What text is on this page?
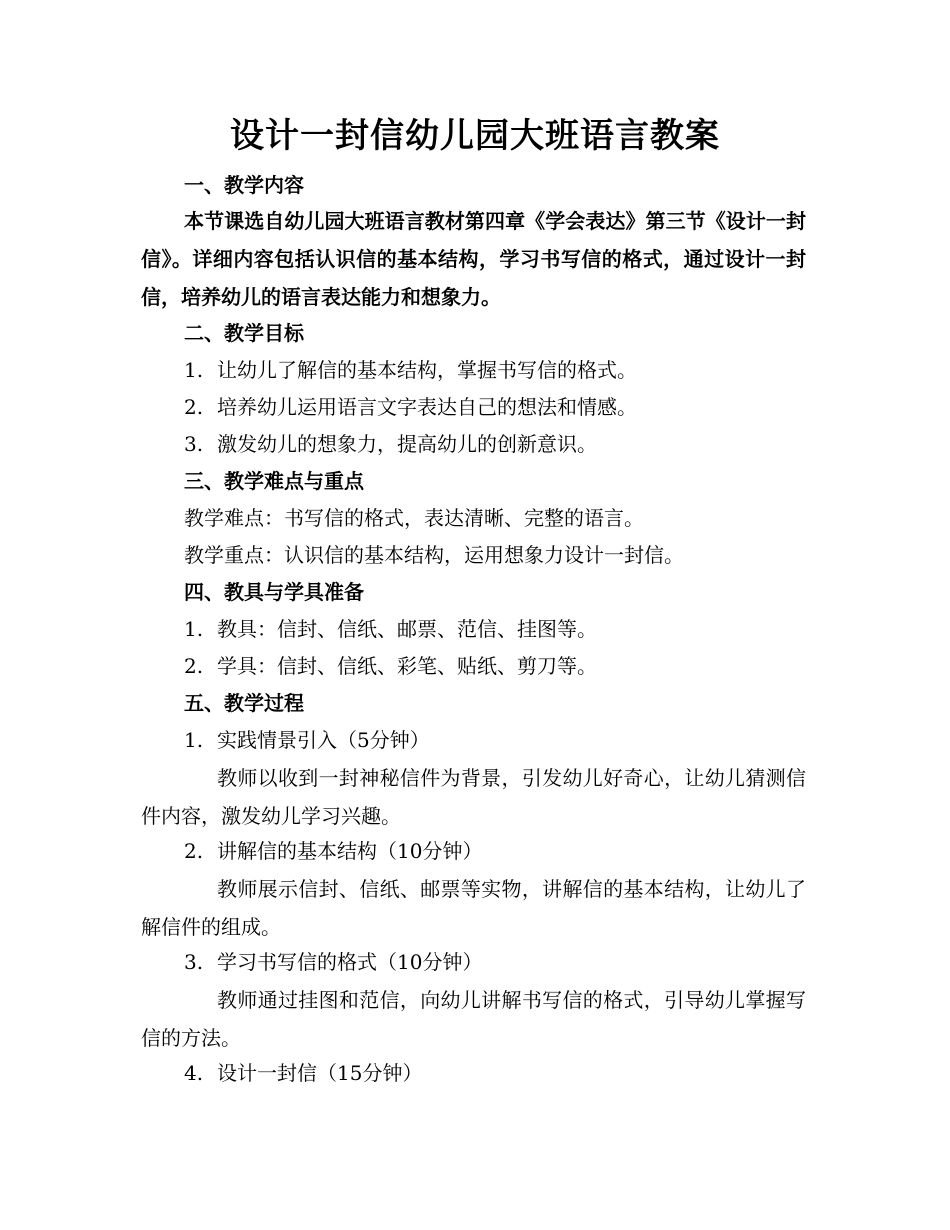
设计一封信幼儿园大班语言教案
一、教学内容
本节课选自幼儿园大班语言教材第四章《学会表达》第三节《设计一封信》。详细内容包括认识信的基本结构，学习书写信的格式，通过设计一封信，培养幼儿的语言表达能力和想象力。
二、教学目标
1. 让幼儿了解信的基本结构，掌握书写信的格式。
2. 培养幼儿运用语言文字表达自己的想法和情感。
3. 激发幼儿的想象力，提高幼儿的创新意识。
三、教学难点与重点
教学难点：书写信的格式，表达清晰、完整的语言。
教学重点：认识信的基本结构，运用想象力设计一封信。
四、教具与学具准备
1. 教具：信封、信纸、邮票、范信、挂图等。
2. 学具：信封、信纸、彩笔、贴纸、剪刀等。
五、教学过程
1. 实践情景引入（5分钟）
教师以收到一封神秘信件为背景，引发幼儿好奇心，让幼儿猜测信件内容，激发幼儿学习兴趣。
2. 讲解信的基本结构（10分钟）
教师展示信封、信纸、邮票等实物，讲解信的基本结构，让幼儿了解信件的组成。
3. 学习书写信的格式（10分钟）
教师通过挂图和范信，向幼儿讲解书写信的格式，引导幼儿掌握写信的方法。
4. 设计一封信（15分钟）
